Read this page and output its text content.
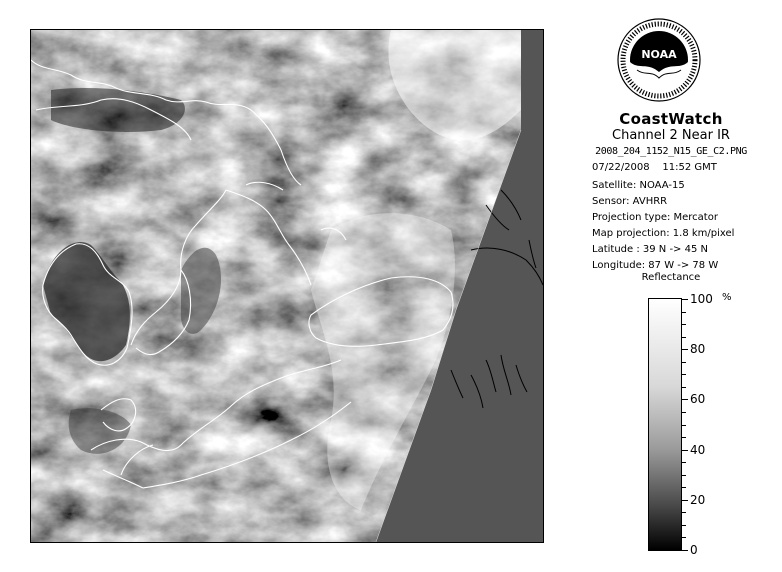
NOAA
CoastWatch
Channel 2 Near IR
2008_204_1152_N15_GE_C2.PNG
07/22/2008 11:52 GMT
Satellite: NOAA-15
Sensor: AVHRR
Projection type: Mercator
Map projection: 1.8 km/pixel
Latitude : 39 N -> 45 N
Longitude: 87 W -> 78 W
Reflectance
%
100
80
60
40
20
0
